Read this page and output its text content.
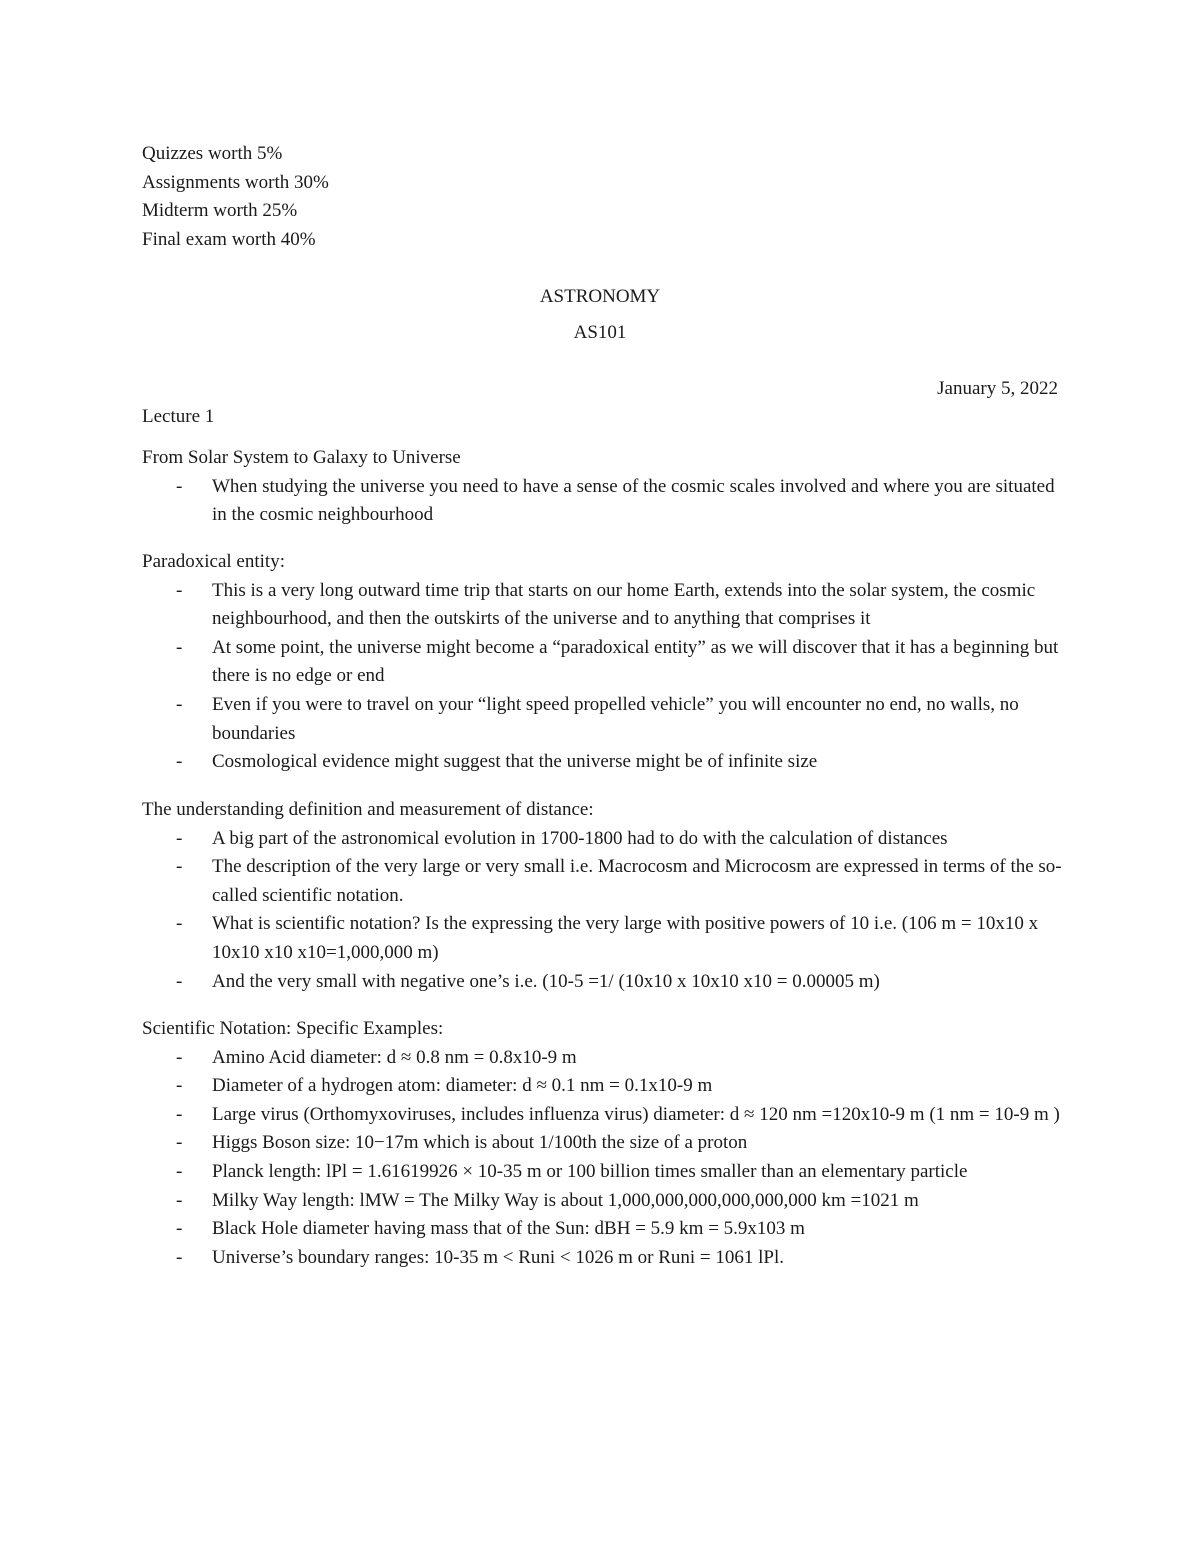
Quizzes worth 5%
Assignments worth 30%
Midterm worth 25%
Final exam worth 40%
ASTRONOMY
AS101
January 5, 2022
Lecture 1
From Solar System to Galaxy to Universe
- When studying the universe you need to have a sense of the cosmic scales involved and where you are situated in the cosmic neighbourhood
Paradoxical entity:
- This is a very long outward time trip that starts on our home Earth, extends into the solar system, the cosmic neighbourhood, and then the outskirts of the universe and to anything that comprises it
- At some point, the universe might become a “paradoxical entity” as we will discover that it has a beginning but there is no edge or end
- Even if you were to travel on your “light speed propelled vehicle” you will encounter no end, no walls, no boundaries
- Cosmological evidence might suggest that the universe might be of infinite size
The understanding definition and measurement of distance:
- A big part of the astronomical evolution in 1700-1800 had to do with the calculation of distances
- The description of the very large or very small i.e. Macrocosm and Microcosm are expressed in terms of the so-called scientific notation.
- What is scientific notation? Is the expressing the very large with positive powers of 10 i.e. (106 m = 10x10 x 10x10 x10 x10=1,000,000 m)
- And the very small with negative one’s i.e. (10-5 =1/ (10x10 x 10x10 x10 = 0.00005 m)
Scientific Notation: Specific Examples:
- Amino Acid diameter: d ≈ 0.8 nm = 0.8x10-9 m
- Diameter of a hydrogen atom: diameter: d ≈ 0.1 nm = 0.1x10-9 m
- Large virus (Orthomyxoviruses, includes influenza virus) diameter: d ≈ 120 nm =120x10-9 m (1 nm = 10-9 m )
- Higgs Boson size: 10−17m which is about 1/100th the size of a proton
- Planck length: lPl = 1.61619926 × 10-35 m or 100 billion times smaller than an elementary particle
- Milky Way length: lMW = The Milky Way is about 1,000,000,000,000,000,000 km =1021 m
- Black Hole diameter having mass that of the Sun: dBH = 5.9 km = 5.9x103 m
- Universe’s boundary ranges: 10-35 m < Runi < 1026 m or Runi = 1061 lPl.
